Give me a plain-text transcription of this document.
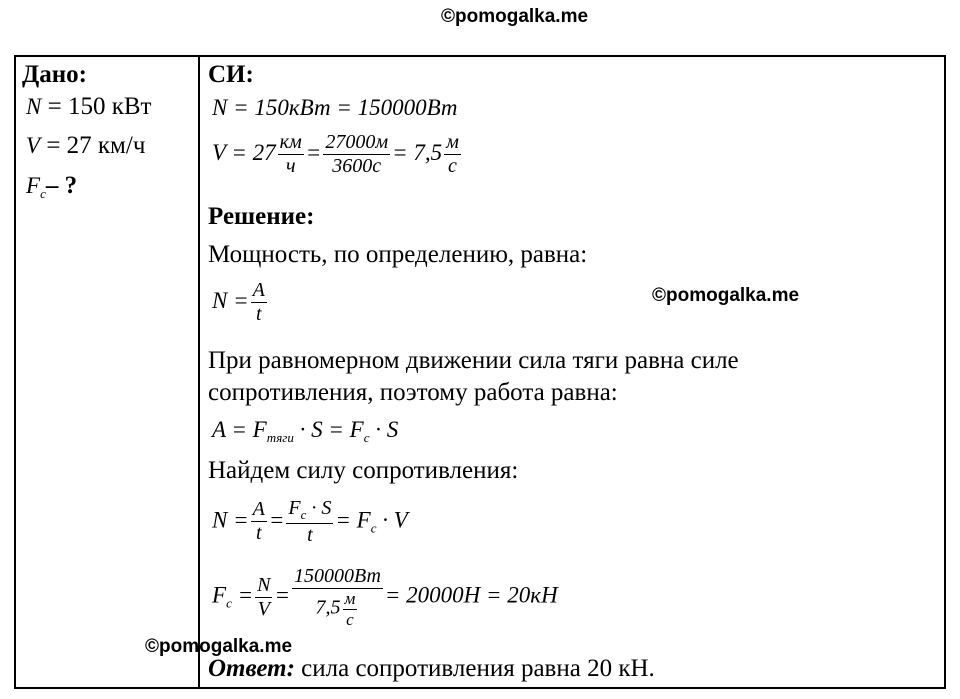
©pomogalka.me
Дано:
N = 150 кВт
V = 27 км/ч
$F_c-$ ?
СИ:
N = 150кВт = 150000Вт
$V = 27 \frac{км}{ч} = \frac{27000м}{3600с} = 7,5 \frac{м}{с}$
Решение:
Мощность, по определению, равна:
$N = \frac{A}{t}$
При равномерном движении сила тяги равна силе
сопротивления, поэтому работа равна:
$A = F_{тяги} \cdot S = F_c \cdot S$
Найдем силу сопротивления:
$N = \frac{A}{t} = \frac{F_c \cdot S}{t} = F_c \cdot V$
$F_c = \frac{N}{V} = \frac{150000Вт}{7,5 \frac{м}{с}} = 20000Н = 20кН$
Ответ: сила сопротивления равна 20 кН.
©pomogalka.me
©pomogalka.me
